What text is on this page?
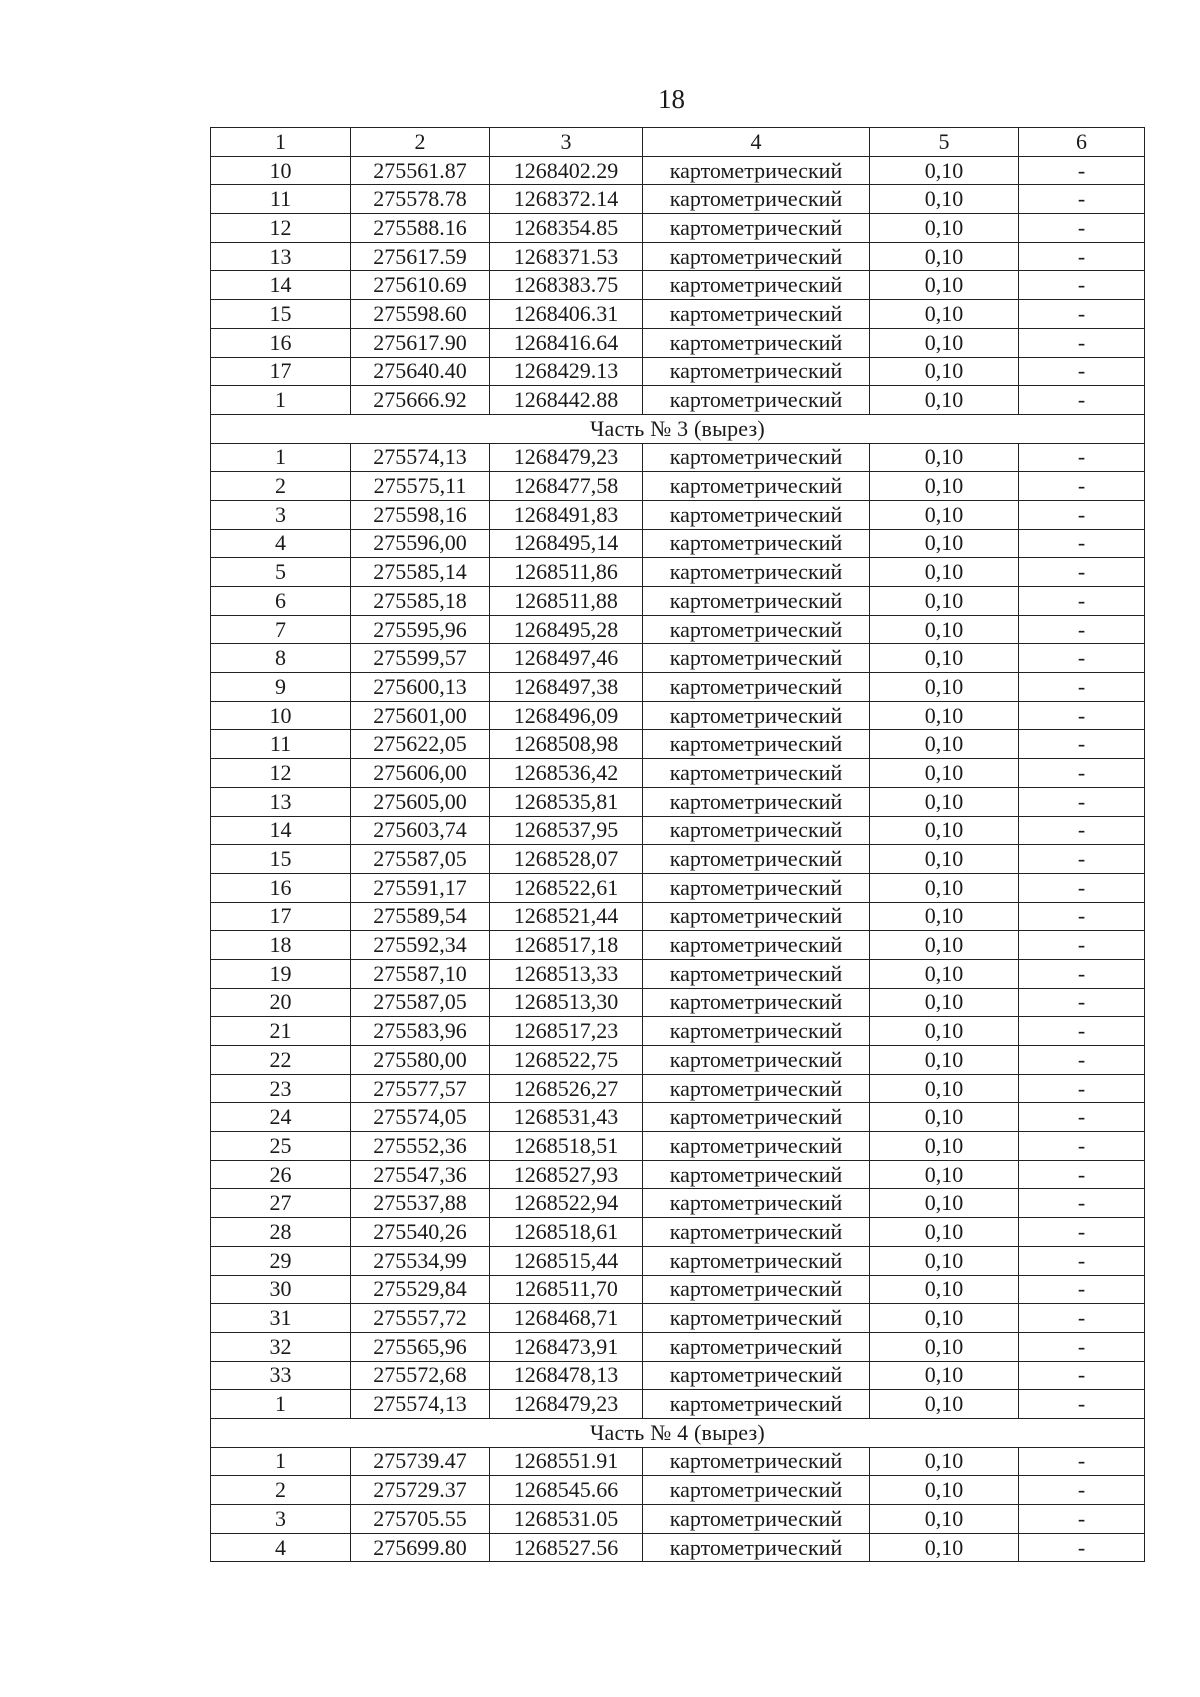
18
1	2	3	4	5	6
10	275561.87	1268402.29	картометрический	0,10	-
11	275578.78	1268372.14	картометрический	0,10	-
12	275588.16	1268354.85	картометрический	0,10	-
13	275617.59	1268371.53	картометрический	0,10	-
14	275610.69	1268383.75	картометрический	0,10	-
15	275598.60	1268406.31	картометрический	0,10	-
16	275617.90	1268416.64	картометрический	0,10	-
17	275640.40	1268429.13	картометрический	0,10	-
1	275666.92	1268442.88	картометрический	0,10	-
Часть № 3 (вырез)					
1	275574,13	1268479,23	картометрический	0,10	-
2	275575,11	1268477,58	картометрический	0,10	-
3	275598,16	1268491,83	картометрический	0,10	-
4	275596,00	1268495,14	картометрический	0,10	-
5	275585,14	1268511,86	картометрический	0,10	-
6	275585,18	1268511,88	картометрический	0,10	-
7	275595,96	1268495,28	картометрический	0,10	-
8	275599,57	1268497,46	картометрический	0,10	-
9	275600,13	1268497,38	картометрический	0,10	-
10	275601,00	1268496,09	картометрический	0,10	-
11	275622,05	1268508,98	картометрический	0,10	-
12	275606,00	1268536,42	картометрический	0,10	-
13	275605,00	1268535,81	картометрический	0,10	-
14	275603,74	1268537,95	картометрический	0,10	-
15	275587,05	1268528,07	картометрический	0,10	-
16	275591,17	1268522,61	картометрический	0,10	-
17	275589,54	1268521,44	картометрический	0,10	-
18	275592,34	1268517,18	картометрический	0,10	-
19	275587,10	1268513,33	картометрический	0,10	-
20	275587,05	1268513,30	картометрический	0,10	-
21	275583,96	1268517,23	картометрический	0,10	-
22	275580,00	1268522,75	картометрический	0,10	-
23	275577,57	1268526,27	картометрический	0,10	-
24	275574,05	1268531,43	картометрический	0,10	-
25	275552,36	1268518,51	картометрический	0,10	-
26	275547,36	1268527,93	картометрический	0,10	-
27	275537,88	1268522,94	картометрический	0,10	-
28	275540,26	1268518,61	картометрический	0,10	-
29	275534,99	1268515,44	картометрический	0,10	-
30	275529,84	1268511,70	картометрический	0,10	-
31	275557,72	1268468,71	картометрический	0,10	-
32	275565,96	1268473,91	картометрический	0,10	-
33	275572,68	1268478,13	картометрический	0,10	-
1	275574,13	1268479,23	картометрический	0,10	-
Часть № 4 (вырез)					
1	275739.47	1268551.91	картометрический	0,10	-
2	275729.37	1268545.66	картометрический	0,10	-
3	275705.55	1268531.05	картометрический	0,10	-
4	275699.80	1268527.56	картометрический	0,10	-
